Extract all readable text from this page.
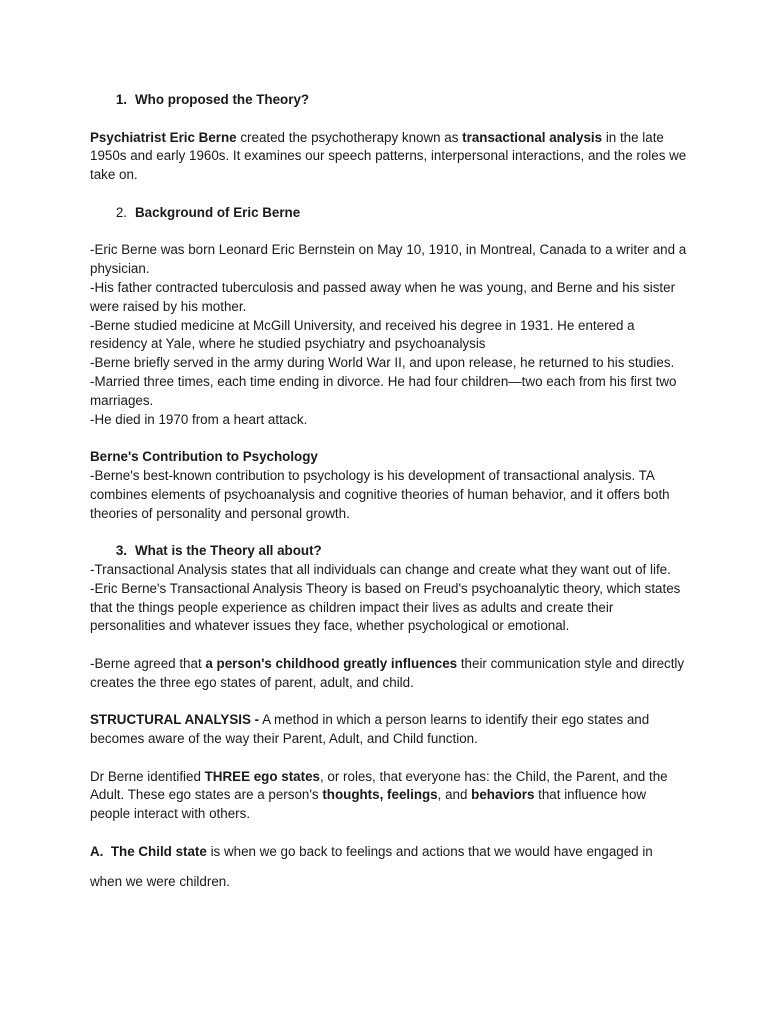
1. Who proposed the Theory?

Psychiatrist Eric Berne created the psychotherapy known as transactional analysis in the late 1950s and early 1960s. It examines our speech patterns, interpersonal interactions, and the roles we take on.

2. Background of Eric Berne

-Eric Berne was born Leonard Eric Bernstein on May 10, 1910, in Montreal, Canada to a writer and a physician.

-His father contracted tuberculosis and passed away when he was young, and Berne and his sister were raised by his mother.

-Berne studied medicine at McGill University, and received his degree in 1931. He entered a residency at Yale, where he studied psychiatry and psychoanalysis

-Berne briefly served in the army during World War II, and upon release, he returned to his studies.

-Married three times, each time ending in divorce. He had four children—two each from his first two marriages.

-He died in 1970 from a heart attack.

Berne's Contribution to Psychology

-Berne's best-known contribution to psychology is his development of transactional analysis. TA combines elements of psychoanalysis and cognitive theories of human behavior, and it offers both theories of personality and personal growth.

3. What is the Theory all about?

-Transactional Analysis states that all individuals can change and create what they want out of life.

-Eric Berne's Transactional Analysis Theory is based on Freud's psychoanalytic theory, which states that the things people experience as children impact their lives as adults and create their personalities and whatever issues they face, whether psychological or emotional.

-Berne agreed that a person's childhood greatly influences their communication style and directly creates the three ego states of parent, adult, and child.

STRUCTURAL ANALYSIS - A method in which a person learns to identify their ego states and becomes aware of the way their Parent, Adult, and Child function.

Dr Berne identified THREE ego states, or roles, that everyone has: the Child, the Parent, and the Adult. These ego states are a person's thoughts, feelings, and behaviors that influence how people interact with others.

A. The Child state is when we go back to feelings and actions that we would have engaged in

when we were children.
